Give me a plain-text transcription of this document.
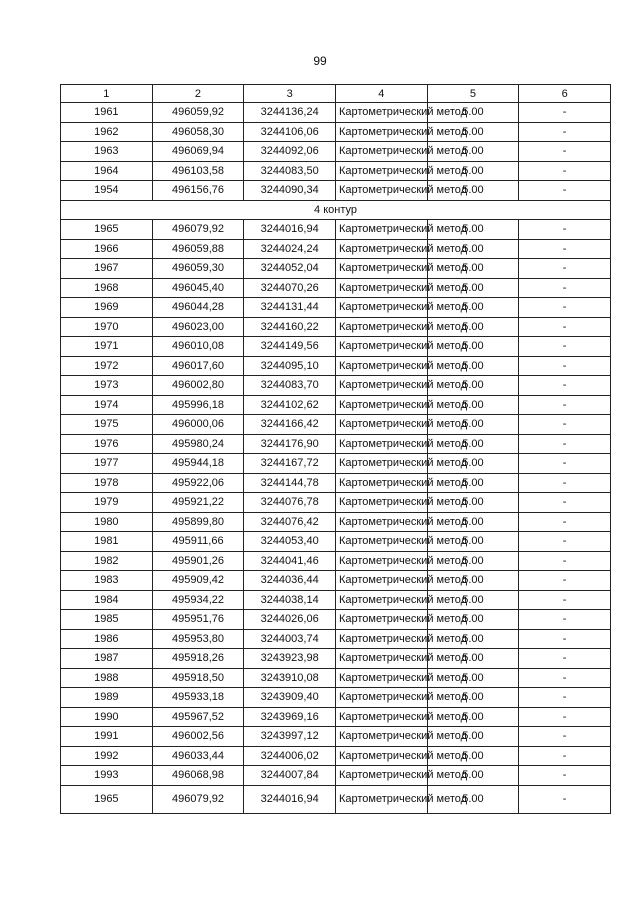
99
1	2	3	4	5	6
1961	496059,92	3244136,24	Картометрический метод	5.00	-
1962	496058,30	3244106,06	Картометрический метод	5.00	-
1963	496069,94	3244092,06	Картометрический метод	5.00	-
1964	496103,58	3244083,50	Картометрический метод	5.00	-
1954	496156,76	3244090,34	Картометрический метод	5.00	-
4 контур					
1965	496079,92	3244016,94	Картометрический метод	5.00	-
1966	496059,88	3244024,24	Картометрический метод	5.00	-
1967	496059,30	3244052,04	Картометрический метод	5.00	-
1968	496045,40	3244070,26	Картометрический метод	5.00	-
1969	496044,28	3244131,44	Картометрический метод	5.00	-
1970	496023,00	3244160,22	Картометрический метод	5.00	-
1971	496010,08	3244149,56	Картометрический метод	5.00	-
1972	496017,60	3244095,10	Картометрический метод	5.00	-
1973	496002,80	3244083,70	Картометрический метод	5.00	-
1974	495996,18	3244102,62	Картометрический метод	5.00	-
1975	496000,06	3244166,42	Картометрический метод	5.00	-
1976	495980,24	3244176,90	Картометрический метод	5.00	-
1977	495944,18	3244167,72	Картометрический метод	5.00	-
1978	495922,06	3244144,78	Картометрический метод	5.00	-
1979	495921,22	3244076,78	Картометрический метод	5.00	-
1980	495899,80	3244076,42	Картометрический метод	5.00	-
1981	495911,66	3244053,40	Картометрический метод	5.00	-
1982	495901,26	3244041,46	Картометрический метод	5.00	-
1983	495909,42	3244036,44	Картометрический метод	5.00	-
1984	495934,22	3244038,14	Картометрический метод	5.00	-
1985	495951,76	3244026,06	Картометрический метод	5.00	-
1986	495953,80	3244003,74	Картометрический метод	5.00	-
1987	495918,26	3243923,98	Картометрический метод	5.00	-
1988	495918,50	3243910,08	Картометрический метод	5.00	-
1989	495933,18	3243909,40	Картометрический метод	5.00	-
1990	495967,52	3243969,16	Картометрический метод	5.00	-
1991	496002,56	3243997,12	Картометрический метод	5.00	-
1992	496033,44	3244006,02	Картометрический метод	5.00	-
1993	496068,98	3244007,84	Картометрический метод	5.00	-
1965	496079,92	3244016,94	Картометрический метод	5.00	-
